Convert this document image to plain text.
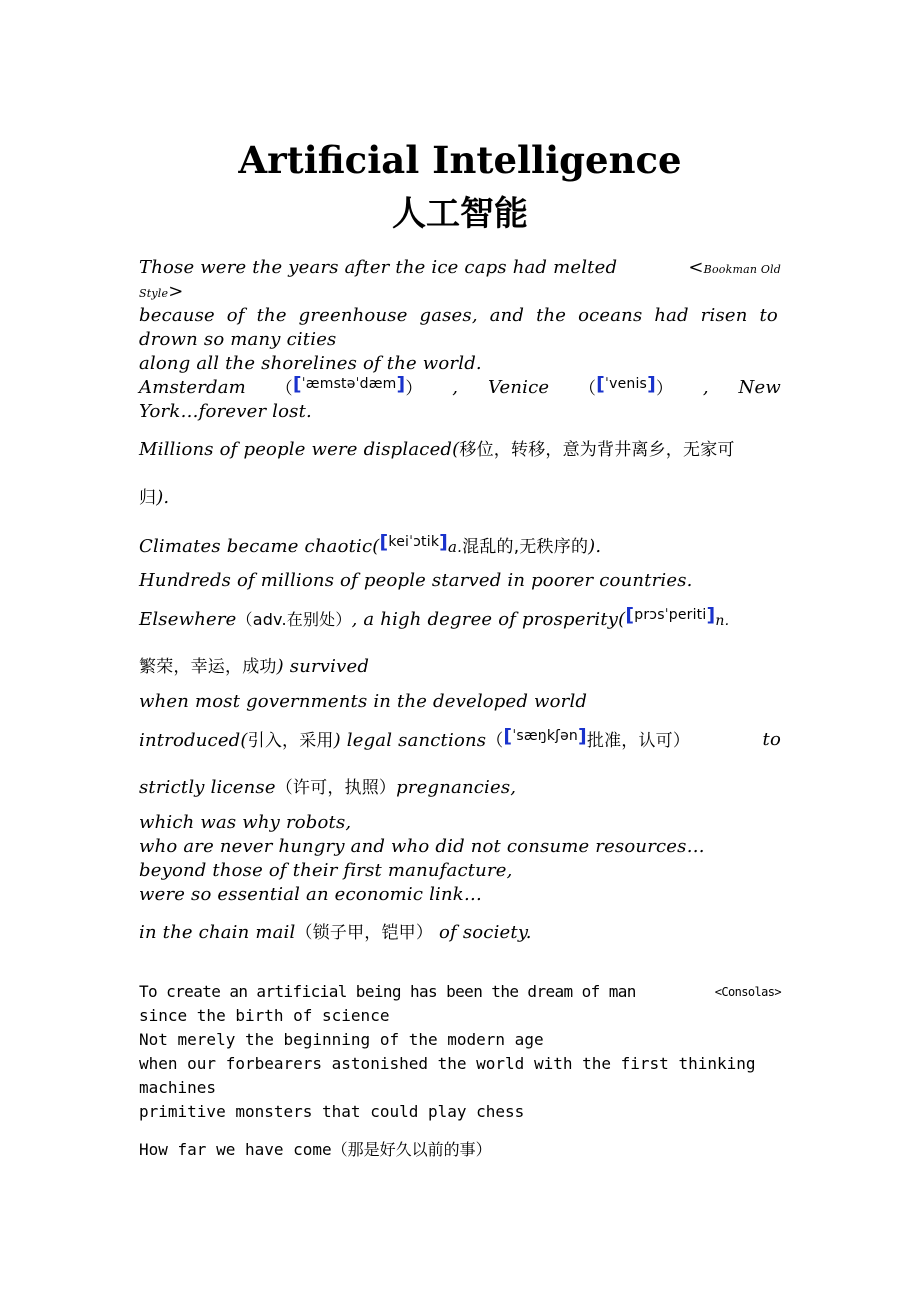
Artificial Intelligence
人工智能
Those were the years after the ice caps had melted	<Bookman Old
Style>
because of the greenhouse gases, and the oceans had risen to
drown so many cities
along all the shorelines of the world.
Amsterdam （[$^{ˈæmstəˈdæm}$]） , Venice （[$^{ˈvenis}$]） , New
York…forever lost.
Millions of people were displaced(移位，转移，意为背井离乡，无家可
归).
Climates became chaotic([$^{keiˈɔtik}$]a.混乱的,无秩序的).
Hundreds of millions of people starved in poorer countries.
Elsewhere（adv.在别处）, a high degree of prosperity([$^{prɔsˈperiti}$]n.
繁荣，幸运，成功) survived
when most governments in the developed world
introduced(引入，采用) legal sanctions（[$^{ˈsæŋkʃən}$]批准，认可）	to
strictly license（许可，执照）pregnancies,
which was why robots,
who are never hungry and who did not consume resources…
beyond those of their first manufacture,
were so essential an economic link…
in the chain mail（锁子甲，铠甲） of society.
To create an artificial being has been the dream of man	<Consolas>
since the birth of science
Not merely the beginning of the modern age
when our forbearers astonished the world with the first thinking
machines
primitive monsters that could play chess
How far we have come（那是好久以前的事）
